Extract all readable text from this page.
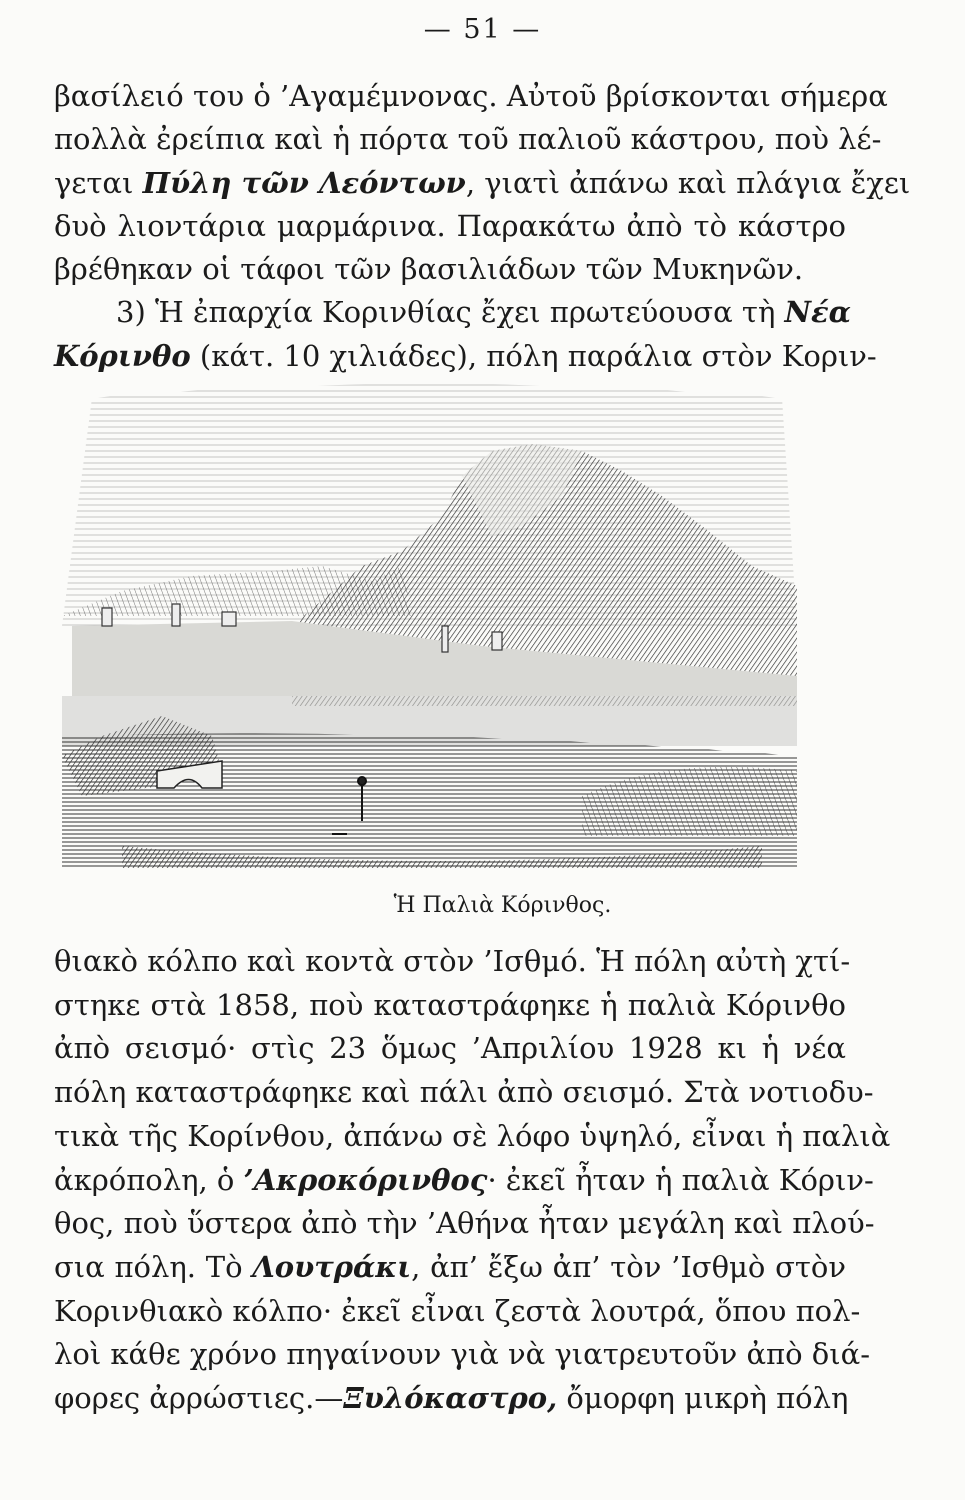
— 51 —
βασίλειό του ὁ ’Αγαμέμνονας. Αὐτοῦ βρίσκονται σήμερα
πολλὰ ἐρείπια καὶ ἡ πόρτα τοῦ παλιοῦ κάστρου, ποὺ λέ-
γεται Πύλη τῶν Λεόντων, γιατὶ ἀπάνω καὶ πλάγια ἔχει
δυὸ λιοντάρια μαρμάρινα. Παρακάτω ἀπὸ τὸ κάστρο
βρέθηκαν οἱ τάφοι τῶν βασιλιάδων τῶν Μυκηνῶν.
3) Ἡ ἐπαρχία Κορινθίας ἔχει πρωτεύουσα τὴ Νέα
Κόρινθο (κάτ. 10 χιλιάδες), πόλη παράλια στὸν Κοριν-
Ἡ Παλιὰ Κόρινθος.
θιακὸ κόλπο καὶ κοντὰ στὸν ’Ισθμό. Ἡ πόλη αὐτὴ χτί-
στηκε στὰ 1858, ποὺ καταστράφηκε ἡ παλιὰ Κόρινθο
ἀπὸ σεισμό· στὶς 23 ὅμως ’Απριλίου 1928 κι ἡ νέα
πόλη καταστράφηκε καὶ πάλι ἀπὸ σεισμό. Στὰ νοτιοδυ-
τικὰ τῆς Κορίνθου, ἀπάνω σὲ λόφο ὑψηλό, εἶναι ἡ παλιὰ
ἀκρόπολη, ὁ ’Ακροκόρινθος· ἐκεῖ ἦταν ἡ παλιὰ Κόριν-
θος, ποὺ ὕστερα ἀπὸ τὴν ’Αθήνα ἦταν μεγάλη καὶ πλού-
σια πόλη. Τὸ Λουτράκι, ἀπ’ ἔξω ἀπ’ τὸν ’Ισθμὸ στὸν
Κορινθιακὸ κόλπο· ἐκεῖ εἶναι ζεστὰ λουτρά, ὅπου πολ-
λοὶ κάθε χρόνο πηγαίνουν γιὰ νὰ γιατρευτοῦν ἀπὸ διά-
φορες ἀρρώστιες.—Ξυλόκαστρο, ὄμορφη μικρὴ πόλη
